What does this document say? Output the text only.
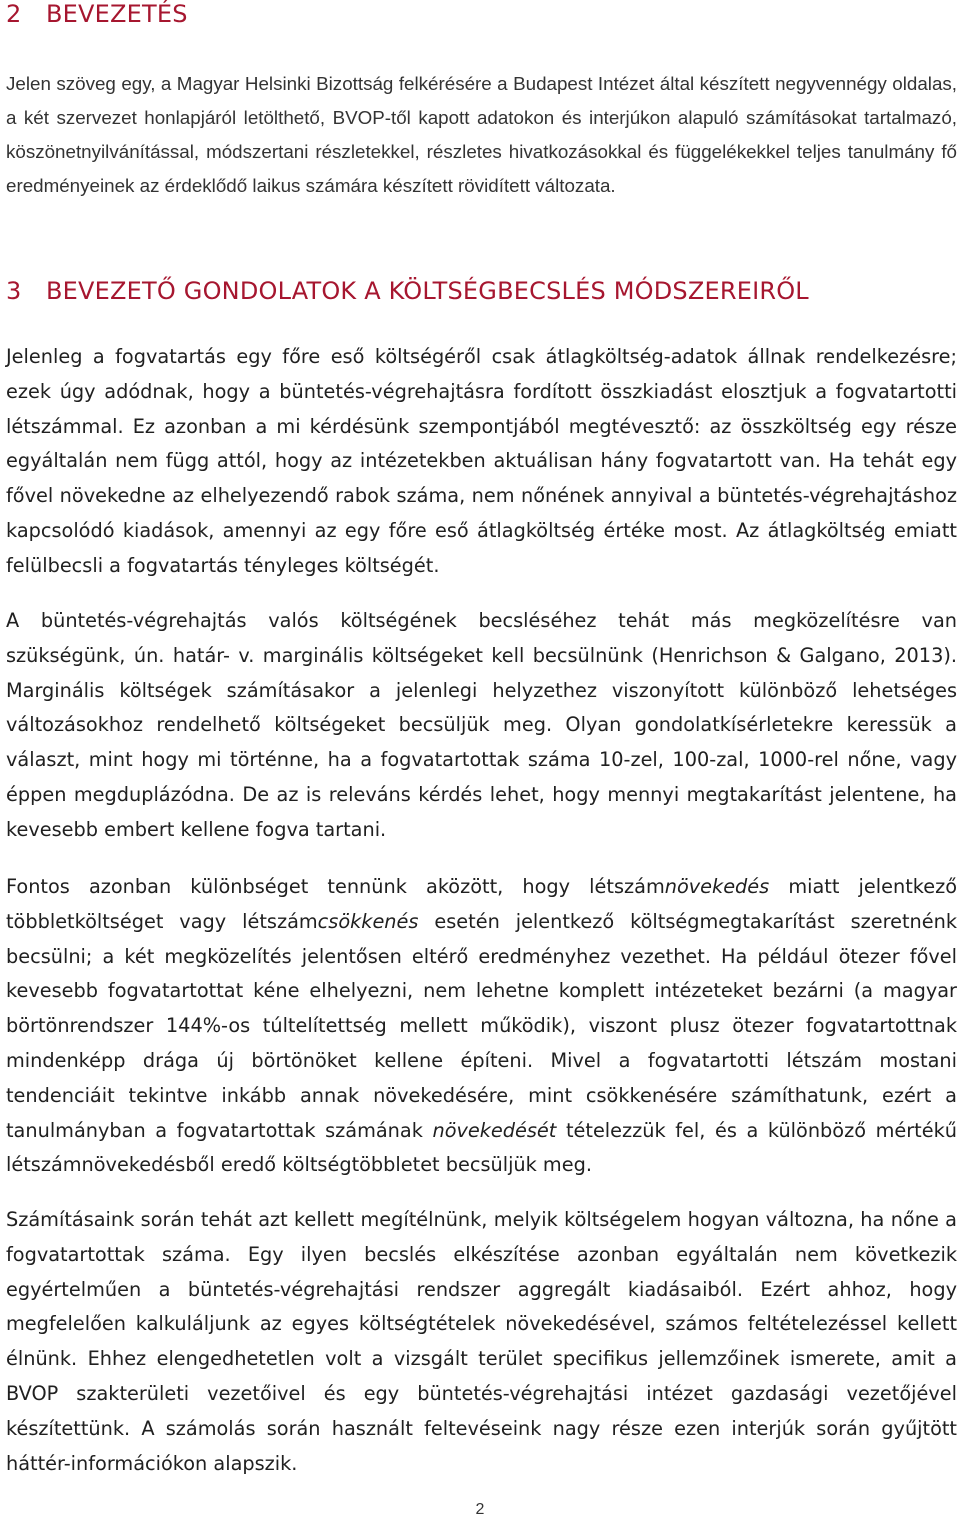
2 BEVEZETÉS

Jelen szöveg egy, a Magyar Helsinki Bizottság felkérésére a Budapest Intézet által készített negyvennégy oldalas, a két szervezet honlapjáról letölthető, BVOP-től kapott adatokon és interjúkon alapuló számításokat tartalmazó, köszönetnyilvánítással, módszertani részletekkel, részletes hivatkozásokkal és függelékekkel teljes tanulmány fő eredményeinek az érdeklődő laikus számára készített rövidített változata.

3 BEVEZETŐ GONDOLATOK A KÖLTSÉGBECSLÉS MÓDSZEREIRŐL

Jelenleg a fogvatartás egy főre eső költségéről csak átlagköltség-adatok állnak rendelkezésre; ezek úgy adódnak, hogy a büntetés-végrehajtásra fordított összkiadást elosztjuk a fogvatartotti létszámmal. Ez azonban a mi kérdésünk szempontjából megtévesztő: az összköltség egy része egyáltalán nem függ attól, hogy az intézetekben aktuálisan hány fogvatartott van. Ha tehát egy fővel növekedne az elhelyezendő rabok száma, nem nőnének annyival a büntetés-végrehajtáshoz kapcsolódó kiadások, amennyi az egy főre eső átlagköltség értéke most. Az átlagköltség emiatt felülbecsli a fogvatartás tényleges költségét.

A büntetés-végrehajtás valós költségének becsléséhez tehát más megközelítésre van szükségünk, ún. határ- v. marginális költségeket kell becsülnünk (Henrichson & Galgano, 2013). Marginális költségek számításakor a jelenlegi helyzethez viszonyított különböző lehetséges változásokhoz rendelhető költségeket becsüljük meg. Olyan gondolatkísérletekre keressük a választ, mint hogy mi történne, ha a fogvatartottak száma 10-zel, 100-zal, 1000-rel nőne, vagy éppen megduplázódna. De az is releváns kérdés lehet, hogy mennyi megtakarítást jelentene, ha kevesebb embert kellene fogva tartani.

Fontos azonban különbséget tennünk aközött, hogy létszámnövekedés miatt jelentkező többletköltséget vagy létszámcsökkenés esetén jelentkező költségmegtakarítást szeretnénk becsülni; a két megközelítés jelentősen eltérő eredményhez vezethet. Ha például ötezer fővel kevesebb fogvatartottat kéne elhelyezni, nem lehetne komplett intézeteket bezárni (a magyar börtönrendszer 144%-os túltelítettség mellett működik), viszont plusz ötezer fogvatartottnak mindenképp drága új börtönöket kellene építeni. Mivel a fogvatartotti létszám mostani tendenciáit tekintve inkább annak növekedésére, mint csökkenésére számíthatunk, ezért a tanulmányban a fogvatartottak számának növekedését tételezzük fel, és a különböző mértékű létszámnövekedésből eredő költségtöbbletet becsüljük meg.

Számításaink során tehát azt kellett megítélnünk, melyik költségelem hogyan változna, ha nőne a fogvatartottak száma. Egy ilyen becslés elkészítése azonban egyáltalán nem következik egyértelműen a büntetés-végrehajtási rendszer aggregált kiadásaiból. Ezért ahhoz, hogy megfelelően kalkuláljunk az egyes költségtételek növekedésével, számos feltételezéssel kellett élnünk. Ehhez elengedhetetlen volt a vizsgált terület specifikus jellemzőinek ismerete, amit a BVOP szakterületi vezetőivel és egy büntetés-végrehajtási intézet gazdasági vezetőjével készítettünk. A számolás során használt feltevéseink nagy része ezen interjúk során gyűjtött háttér-információkon alapszik.

2
